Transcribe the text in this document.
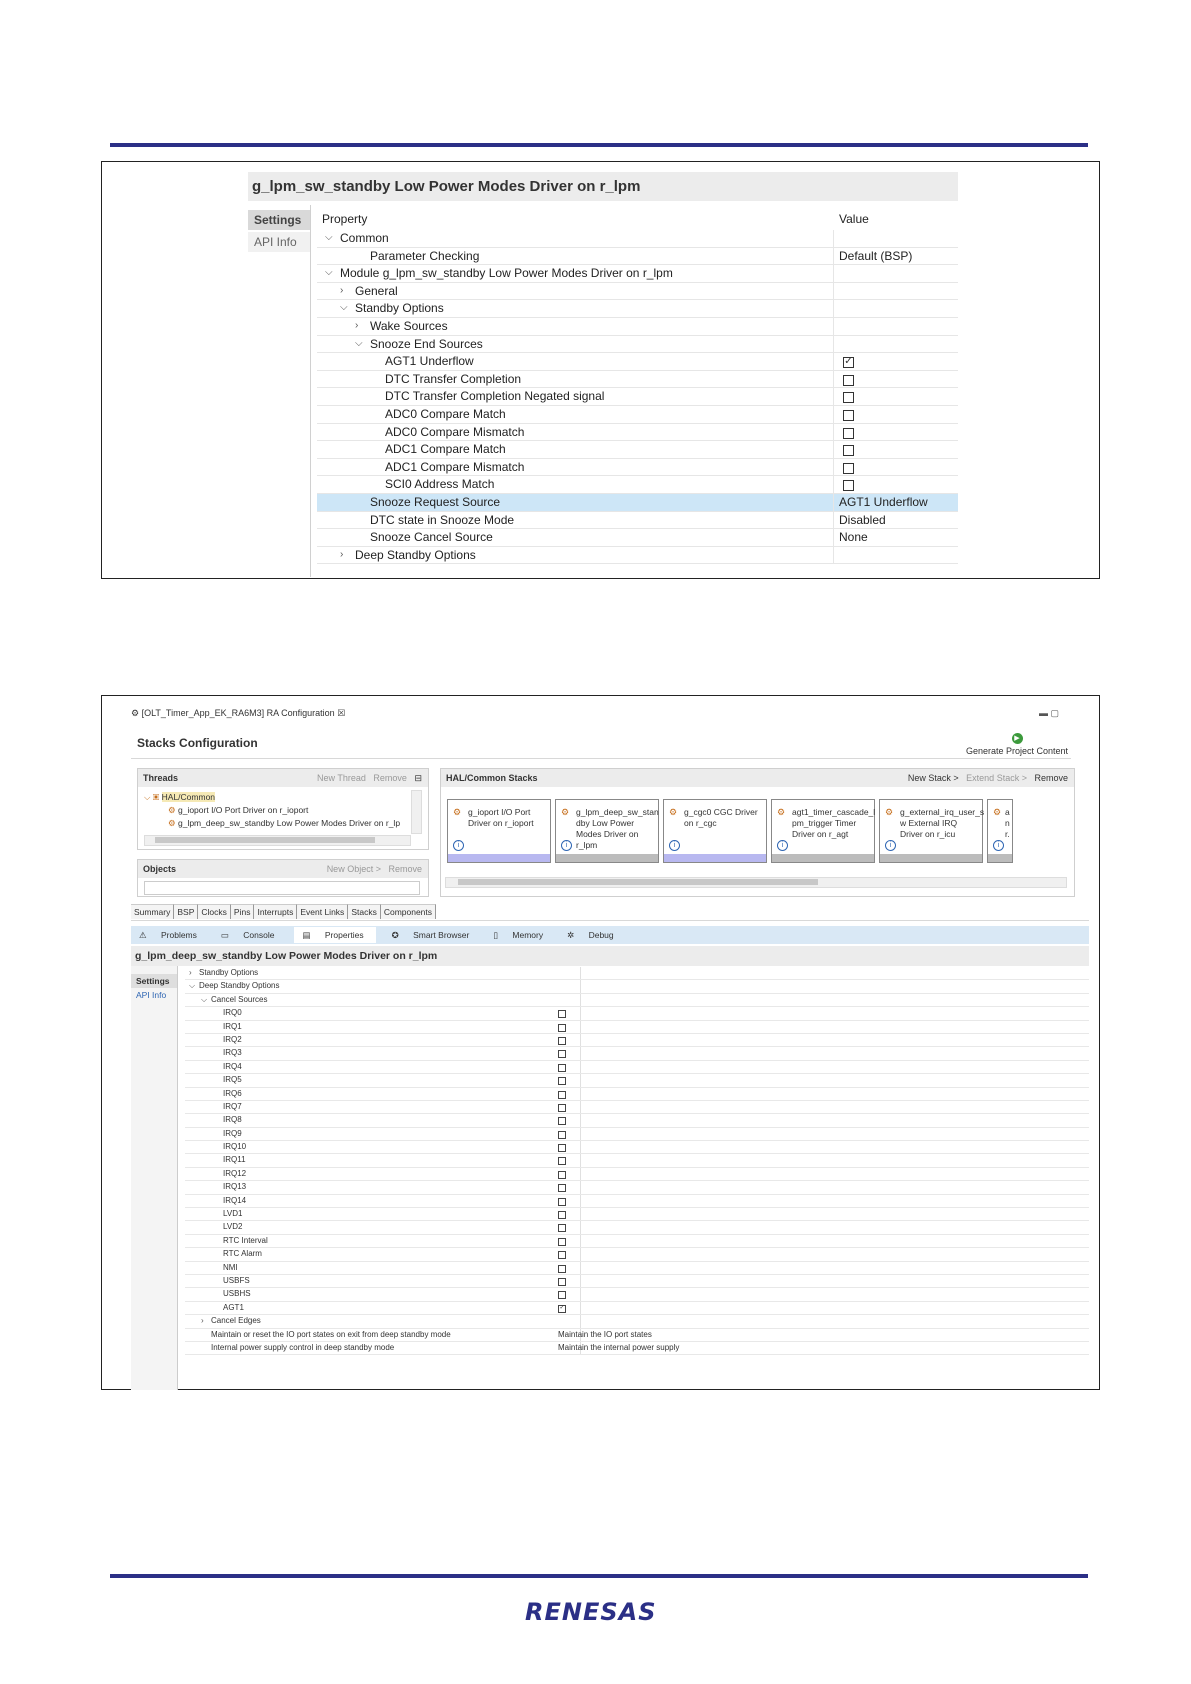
g_lpm_sw_standby Low Power Modes Driver on r_lpm
Settings
API Info
Property	Value
⌵ Common
Parameter Checking	Default (BSP)
⌵ Module g_lpm_sw_standby Low Power Modes Driver on r_lpm
› General
⌵ Standby Options
› Wake Sources
⌵ Snooze End Sources
AGT1 Underflow	✓
DTC Transfer Completion
DTC Transfer Completion Negated signal
ADC0 Compare Match
ADC0 Compare Mismatch
ADC1 Compare Match
ADC1 Compare Mismatch
SCI0 Address Match
Snooze Request Source	AGT1 Underflow
DTC state in Snooze Mode	Disabled
Snooze Cancel Source	None
› Deep Standby Options
⚙ [OLT_Timer_App_EK_RA6M3] RA Configuration ☒	▬ ▢
Stacks Configuration	▶
Generate Project Content
Threads	New Thread Remove ⊟
⌵ ▣ HAL/Common
⚙ g_ioport I/O Port Driver on r_ioport
⚙ g_lpm_deep_sw_standby Low Power Modes Driver on r_lp
Objects	New Object > Remove
HAL/Common Stacks	New Stack > Extend Stack > Remove
⚙ g_ioport I/O Port Driver on r_ioport
i
⚙ g_lpm_deep_sw_stan dby Low Power Modes Driver on r_lpm
i
⚙ g_cgc0 CGC Driver on r_cgc
i
⚙ agt1_timer_cascade_l pm_trigger Timer Driver on r_agt
i
⚙ g_external_irq_user_s w External IRQ Driver on r_icu
i
⚙ a n r.
i
Summary BSP Clocks Pins Interrupts Event Links Stacks Components
⚠ Problems	▭ Console	▤ Properties	✪ Smart Browser	▯ Memory	✲ Debug
g_lpm_deep_sw_standby Low Power Modes Driver on r_lpm
Settings
API Info
› Standby Options
⌵ Deep Standby Options
⌵ Cancel Sources
IRQ0
IRQ1
IRQ2
IRQ3
IRQ4
IRQ5
IRQ6
IRQ7
IRQ8
IRQ9
IRQ10
IRQ11
IRQ12
IRQ13
IRQ14
LVD1
LVD2
RTC Interval
RTC Alarm
NMI
USBFS
USBHS
AGT1	✓
› Cancel Edges
Maintain or reset the IO port states on exit from deep standby mode	Maintain the IO port states
Internal power supply control in deep standby mode	Maintain the internal power supply
RENESAS
